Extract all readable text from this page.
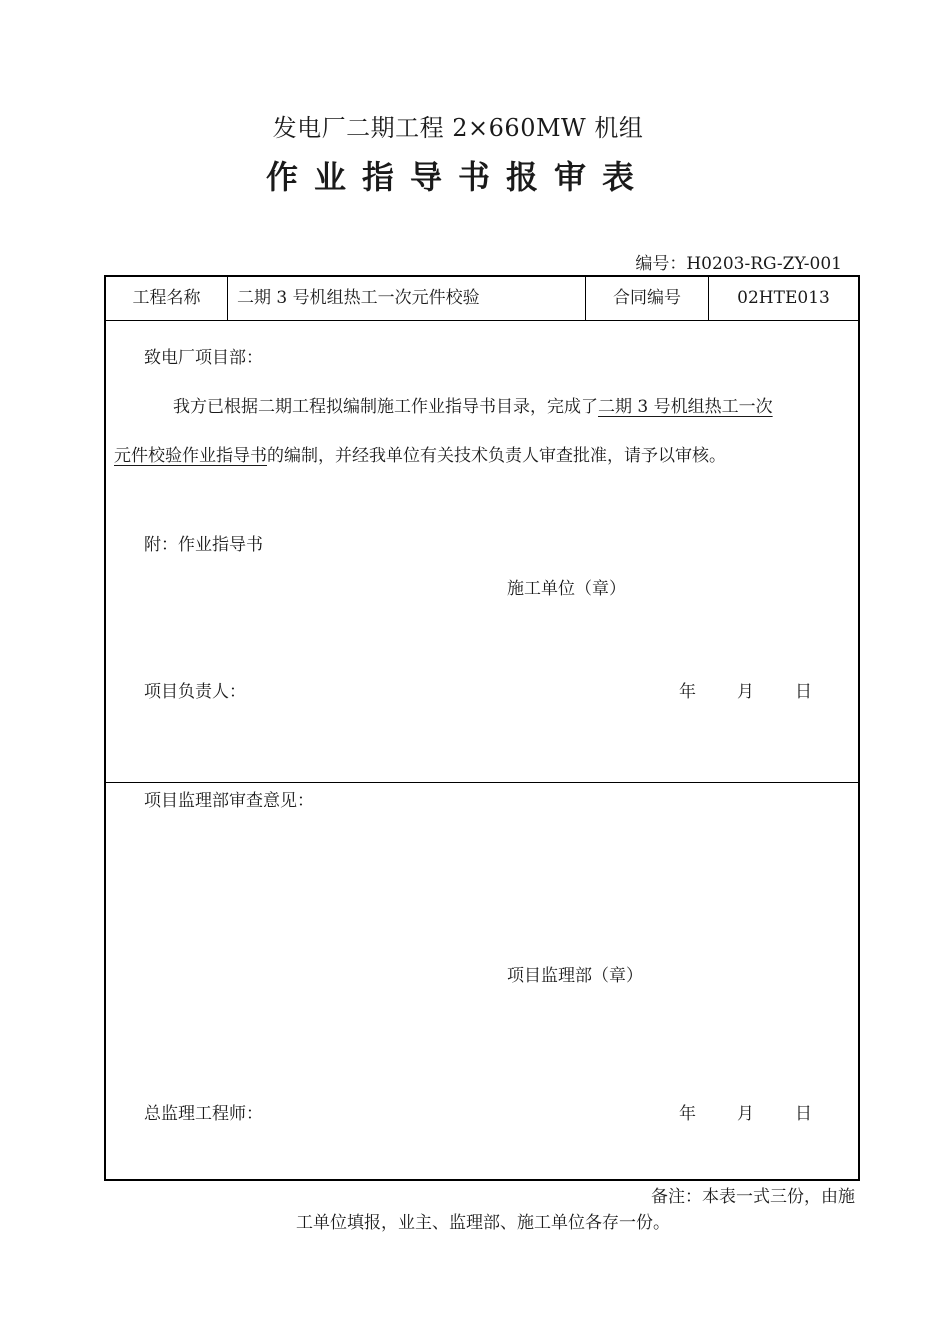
发电厂二期工程 2×660MW 机组
作业指导书报审表
编号：H0203-RG-ZY-001
工程名称	二期 3 号机组热工一次元件校验	合同编号	02HTE013
致电厂项目部：
我方已根据二期工程拟编制施工作业指导书目录，完成了二期 3 号机组热工一次
元件校验作业指导书的编制，并经我单位有关技术负责人审查批准，请予以审核。
附：作业指导书
施工单位（章）
项目负责人：	年 月 日
项目监理部审查意见：
项目监理部（章）
总监理工程师：	年 月 日
备注：本表一式三份，由施
工单位填报，业主、监理部、施工单位各存一份。
